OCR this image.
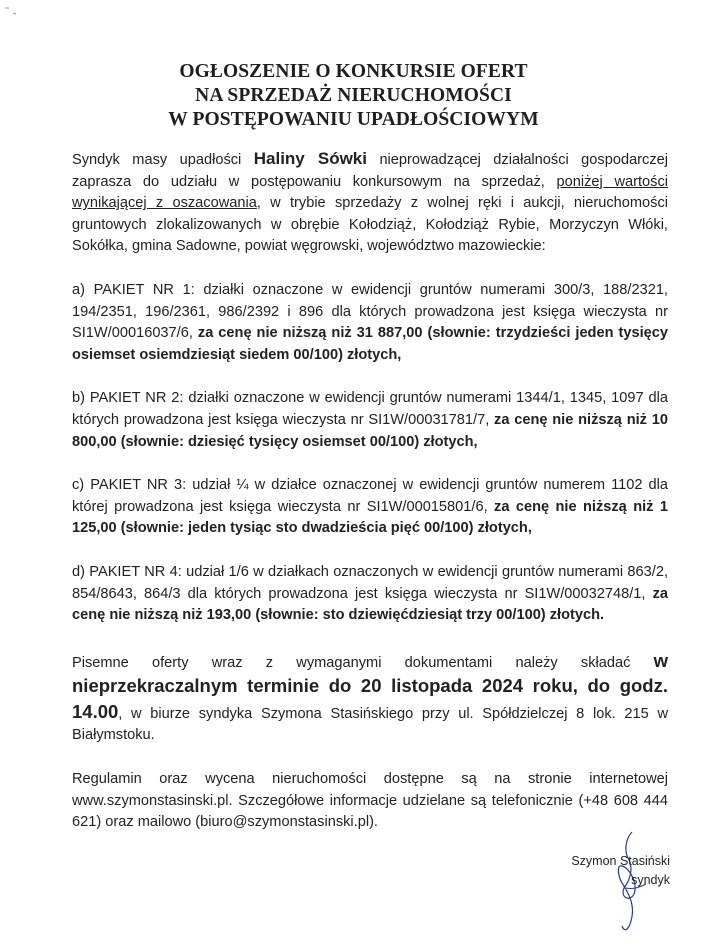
OGŁOSZENIE O KONKURSIE OFERT
NA SPRZEDAŻ NIERUCHOMOŚCI
W POSTĘPOWANIU UPADŁOŚCIOWYM

Syndyk masy upadłości Haliny Sówki nieprowadzącej działalności gospodarczej zaprasza do udziału w postępowaniu konkursowym na sprzedaż, poniżej wartości wynikającej z oszacowania, w trybie sprzedaży z wolnej ręki i aukcji, nieruchomości gruntowych zlokalizowanych w obrębie Kołodziąż, Kołodziąż Rybie, Morzyczyn Włóki, Sokółka, gmina Sadowne, powiat węgrowski, województwo mazowieckie:

a) PAKIET NR 1: działki oznaczone w ewidencji gruntów numerami 300/3, 188/2321, 194/2351, 196/2361, 986/2392 i 896 dla których prowadzona jest księga wieczysta nr SI1W/00016037/6, za cenę nie niższą niż 31 887,00 (słownie: trzydzieści jeden tysięcy osiemset osiemdziesiąt siedem 00/100) złotych,

b) PAKIET NR 2: działki oznaczone w ewidencji gruntów numerami 1344/1, 1345, 1097 dla których prowadzona jest księga wieczysta nr SI1W/00031781/7, za cenę nie niższą niż 10 800,00 (słownie: dziesięć tysięcy osiemset 00/100) złotych,

c) PAKIET NR 3: udział ¼ w działce oznaczonej w ewidencji gruntów numerem 1102 dla której prowadzona jest księga wieczysta nr SI1W/00015801/6, za cenę nie niższą niż 1 125,00 (słownie: jeden tysiąc sto dwadzieścia pięć 00/100) złotych,

d) PAKIET NR 4: udział 1/6 w działkach oznaczonych w ewidencji gruntów numerami 863/2, 854/8643, 864/3 dla których prowadzona jest księga wieczysta nr SI1W/00032748/1, za cenę nie niższą niż 193,00 (słownie: sto dziewięćdziesiąt trzy 00/100) złotych.

Pisemne oferty wraz z wymaganymi dokumentami należy składać w nieprzekraczalnym terminie do 20 listopada 2024 roku, do godz. 14.00, w biurze syndyka Szymona Stasińskiego przy ul. Spółdzielczej 8 lok. 215 w Białymstoku.

Regulamin oraz wycena nieruchomości dostępne są na stronie internetowej www.szymonstasinski.pl. Szczegółowe informacje udzielane są telefonicznie (+48 608 444 621) oraz mailowo (biuro@szymonstasinski.pl).

Szymon Stasiński
syndyk
